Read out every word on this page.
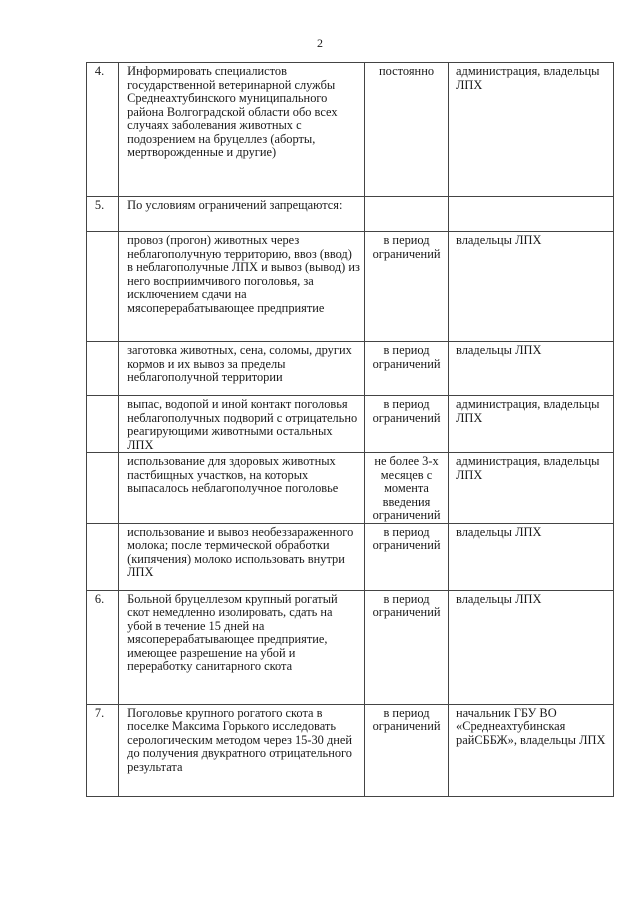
2
4.	Информировать специалистов государственной ветеринарной службы Среднеахтубинского муниципального района Волгоградской области обо всех случаях заболевания животных с подозрением на бруцеллез (аборты, мертворожденные и другие)	постоянно	администрация, владельцы ЛПХ
5.	По условиям ограничений запрещаются:		
	провоз (прогон) животных через неблагополучную территорию, ввоз (ввод) в неблагополучные ЛПХ и вывоз (вывод) из него восприимчивого поголовья, за исключением сдачи на мясоперерабатывающее предприятие	в период ограничений	владельцы ЛПХ
	заготовка животных, сена, соломы, других кормов и их вывоз за пределы неблагополучной территории	в период ограничений	владельцы ЛПХ
	выпас, водопой и иной контакт поголовья неблагополучных подворий с отрицательно реагирующими животными остальных ЛПХ	в период ограничений	администрация, владельцы ЛПХ
	использование для здоровых животных пастбищных участков, на которых выпасалось неблагополучное поголовье	не более 3-х месяцев с момента введения ограничений	администрация, владельцы ЛПХ
	использование и вывоз необеззараженного молока; после термической обработки (кипячения) молоко использовать внутри ЛПХ	в период ограничений	владельцы ЛПХ
6.	Больной бруцеллезом крупный рогатый скот немедленно изолировать, сдать на убой в течение 15 дней на мясоперерабатывающее предприятие, имеющее разрешение на убой и переработку санитарного скота	в период ограничений	владельцы ЛПХ
7.	Поголовье крупного рогатого скота в поселке Максима Горького исследовать серологическим методом через 15-30 дней до получения двукратного отрицательного результата	в период ограничений	начальник ГБУ ВО «Среднеахтубинская райСББЖ», владельцы ЛПХ
